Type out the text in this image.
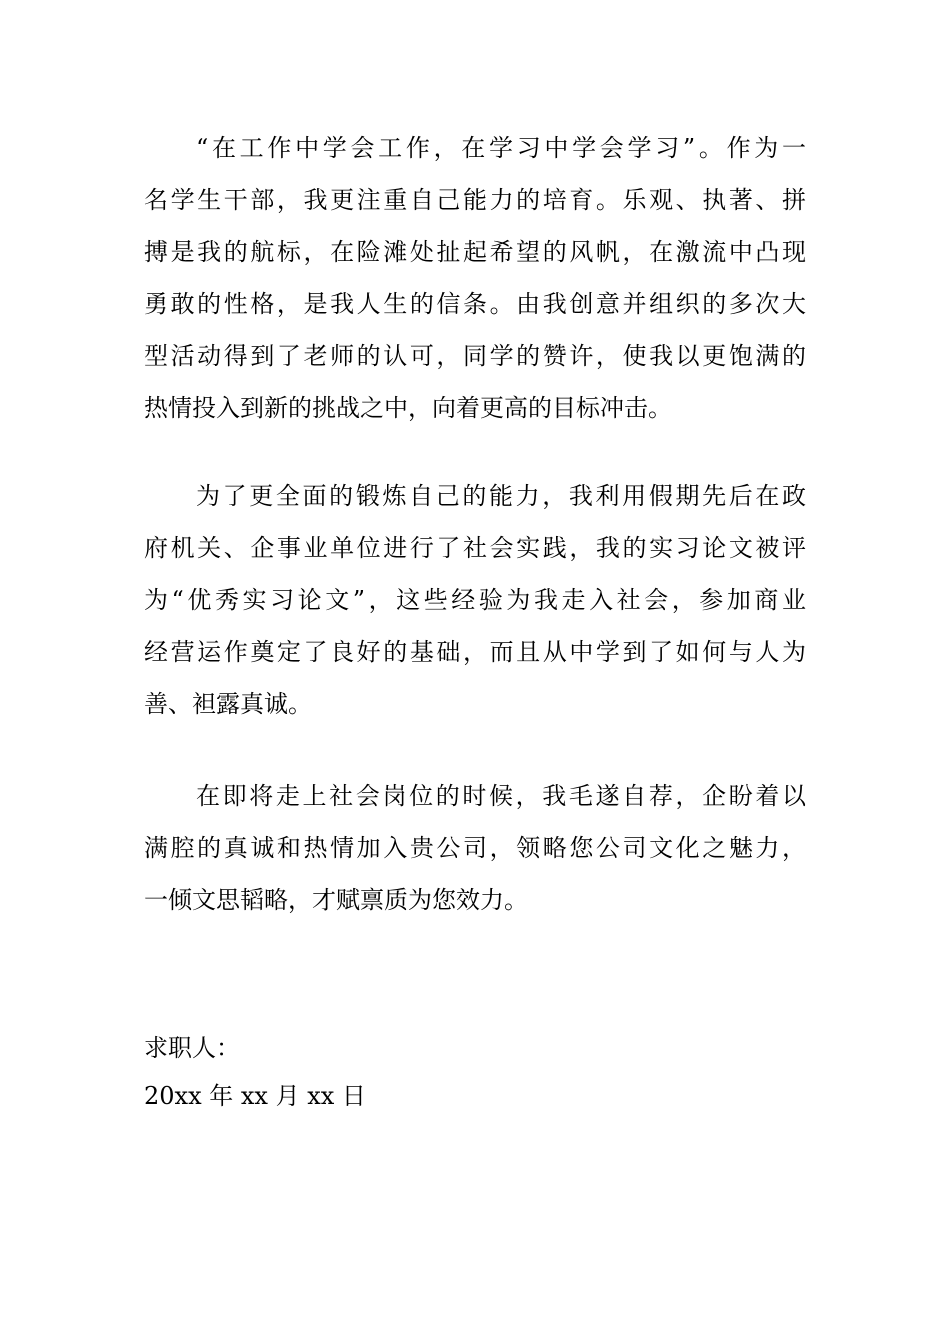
“在工作中学会工作，在学习中学会学习”。作为一
名学生干部，我更注重自己能力的培育。乐观、执著、拼
搏是我的航标，在险滩处扯起希望的风帆，在激流中凸现
勇敢的性格，是我人生的信条。由我创意并组织的多次大
型活动得到了老师的认可，同学的赞许，使我以更饱满的
热情投入到新的挑战之中，向着更高的目标冲击。
为了更全面的锻炼自己的能力，我利用假期先后在政
府机关、企事业单位进行了社会实践，我的实习论文被评
为“优秀实习论文”，这些经验为我走入社会，参加商业
经营运作奠定了良好的基础，而且从中学到了如何与人为
善、袒露真诚。
在即将走上社会岗位的时候，我毛遂自荐，企盼着以
满腔的真诚和热情加入贵公司，领略您公司文化之魅力，
一倾文思韬略，才赋禀质为您效力。
求职人：
20xx 年 xx 月 xx 日
